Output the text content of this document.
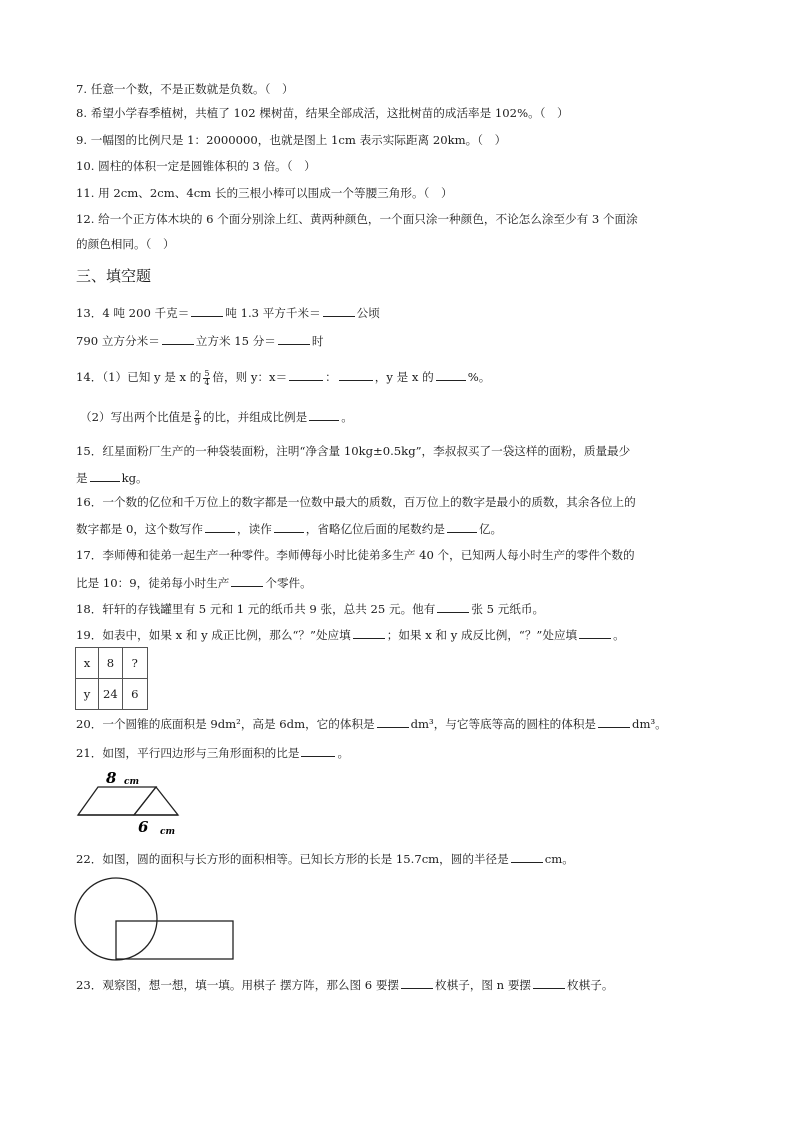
7. 任意一个数，不是正数就是负数。（　）
8. 希望小学春季植树，共植了 102 棵树苗，结果全部成活，这批树苗的成活率是 102%。（　）
9. 一幅图的比例尺是 1：2000000，也就是图上 1cm 表示实际距离 20km。（　）
10. 圆柱的体积一定是圆锥体积的 3 倍。（　）
11. 用 2cm、2cm、4cm 长的三根小棒可以围成一个等腰三角形。（　）
12. 给一个正方体木块的 6 个面分别涂上红、黄两种颜色，一个面只涂一种颜色，不论怎么涂至少有 3 个面涂
的颜色相同。（　）
三、填空题
13．4 吨 200 千克＝	吨 1.3 平方千米＝	公顷
790 立方分米＝	立方米 15 分＝	时
14．（1）已知 y 是 x 的 $\frac{5}{4}$ 倍，则 y：x＝	：	，y 是 x 的	%。
（2）写出两个比值是 $\frac{2}{9}$ 的比，并组成比例是	。
15．红星面粉厂生产的一种袋装面粉，注明“净含量 10kg±0.5kg”，李叔叔买了一袋这样的面粉，质量最少
是	kg。
16．一个数的亿位和千万位上的数字都是一位数中最大的质数，百万位上的数字是最小的质数，其余各位上的
数字都是 0，这个数写作	，读作	，省略亿位后面的尾数约是	亿。
17．李师傅和徒弟一起生产一种零件。李师傅每小时比徒弟多生产 40 个，已知两人每小时生产的零件个数的
比是 10：9，徒弟每小时生产	个零件。
18．轩轩的存钱罐里有 5 元和 1 元的纸币共 9 张，总共 25 元。他有	张 5 元纸币。
19．如表中，如果 x 和 y 成正比例，那么“？”处应填	；如果 x 和 y 成反比例，“？”处应填	。
x	8	?
y	24	6
20．一个圆锥的底面积是 9dm²，高是 6dm，它的体积是	dm³，与它等底等高的圆柱的体积是	dm³。
21．如图，平行四边形与三角形面积的比是	。
8 cm
6 cm
22．如图，圆的面积与长方形的面积相等。已知长方形的长是 15.7cm，圆的半径是	cm。
23．观察图，想一想，填一填。用棋子 摆方阵，那么图 6 要摆	枚棋子，图 n 要摆	枚棋子。
